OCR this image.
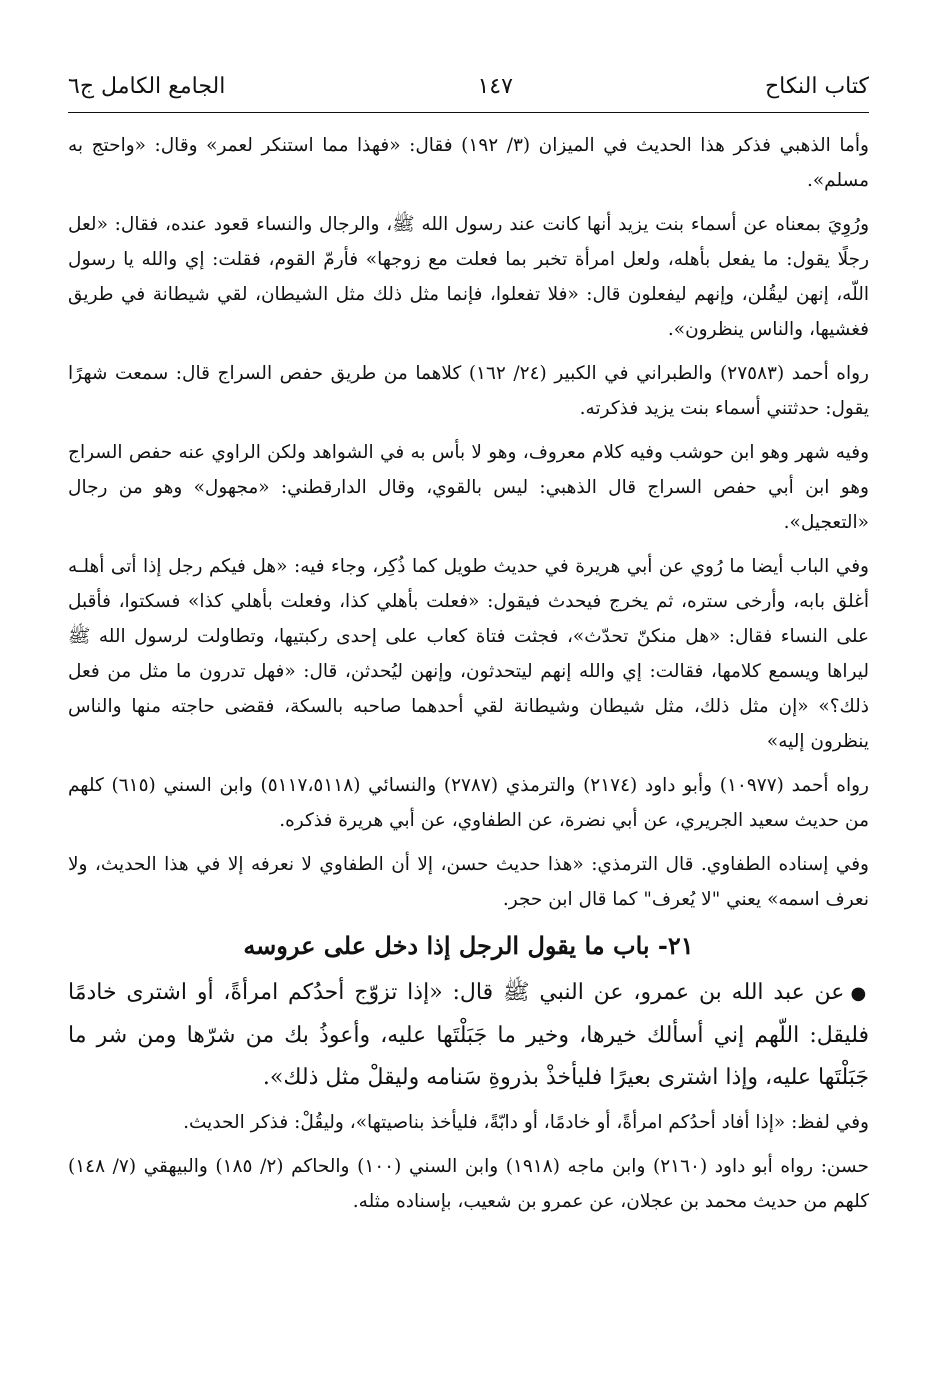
كتاب النكاح
١٤٧
الجامع الكامل ج٦

وأما الذهبي فذكر هذا الحديث في الميزان (٣/ ١٩٢) فقال: «فهذا مما استنكر لعمر» وقال: «واحتج به مسلم».

ورُوِيَ بمعناه عن أسماء بنت يزيد أنها كانت عند رسول الله ﷺ، والرجال والنساء قعود عنده، فقال: «لعل رجلًا يقول: ما يفعل بأهله، ولعل امرأة تخبر بما فعلت مع زوجها» فأرمّ القوم، فقلت: إي والله يا رسول اللّه، إنهن ليقُلن، وإنهم ليفعلون قال: «فلا تفعلوا، فإنما مثل ذلك مثل الشيطان، لقي شيطانة في طريق فغشيها، والناس ينظرون».

رواه أحمد (٢٧٥٨٣) والطبراني في الكبير (٢٤/ ١٦٢) كلاهما من طريق حفص السراج قال: سمعت شهرًا يقول: حدثتني أسماء بنت يزيد فذكرته.

وفيه شهر وهو ابن حوشب وفيه كلام معروف، وهو لا بأس به في الشواهد ولكن الراوي عنه حفص السراج وهو ابن أبي حفص السراج قال الذهبي: ليس بالقوي، وقال الدارقطني: «مجهول» وهو من رجال «التعجيل».

وفي الباب أيضا ما رُوي عن أبي هريرة في حديث طويل كما ذُكِر، وجاء فيه: «هل فيكم رجل إذا أتى أهلـه أغلق بابه، وأرخى ستره، ثم يخرج فيحدث فيقول: «فعلت بأهلي كذا، وفعلت بأهلي كذا» فسكتوا، فأقبل على النساء فقال: «هل منكنّ تحدّث»، فجثت فتاة كعاب على إحدى ركبتيها، وتطاولت لرسول الله ﷺ ليراها ويسمع كلامها، فقالت: إي والله إنهم ليتحدثون، وإنهن ليُحدثن، قال: «فهل تدرون ما مثل من فعل ذلك؟» «إن مثل ذلك، مثل شيطان وشيطانة لقي أحدهما صاحبه بالسكة، فقضى حاجته منها والناس ينظرون إليه»

رواه أحمد (١٠٩٧٧) وأبو داود (٢١٧٤) والترمذي (٢٧٨٧) والنسائي (٥١١٧،٥١١٨) وابن السني (٦١٥) كلهم من حديث سعيد الجريري، عن أبي نضرة، عن الطفاوي، عن أبي هريرة فذكره.

وفي إسناده الطفاوي. قال الترمذي: «هذا حديث حسن، إلا أن الطفاوي لا نعرفه إلا في هذا الحديث، ولا نعرف اسمه» يعني "لا يُعرف" كما قال ابن حجر.

٢١- باب ما يقول الرجل إذا دخل على عروسه

●عن عبد الله بن عمرو، عن النبي ﷺ قال: «إذا تزوّج أحدُكم امرأةً، أو اشترى خادمًا فليقل: اللّهم إني أسألك خيرها، وخير ما جَبَلْتَها عليه، وأعوذُ بك من شرّها ومن شر ما جَبَلْتَها عليه، وإذا اشترى بعيرًا فليأخذْ بذروةِ سَنامه وليقلْ مثل ذلك».

وفي لفظ: «إذا أفاد أحدُكم امرأةً، أو خادمًا، أو دابّةً، فليأخذ بناصيتها»، وليقُلْ: فذكر الحديث.

حسن: رواه أبو داود (٢١٦٠) وابن ماجه (١٩١٨) وابن السني (١٠٠) والحاكم (٢/ ١٨٥) والبيهقي (٧/ ١٤٨) كلهم من حديث محمد بن عجلان، عن عمرو بن شعيب، بإسناده مثله.
